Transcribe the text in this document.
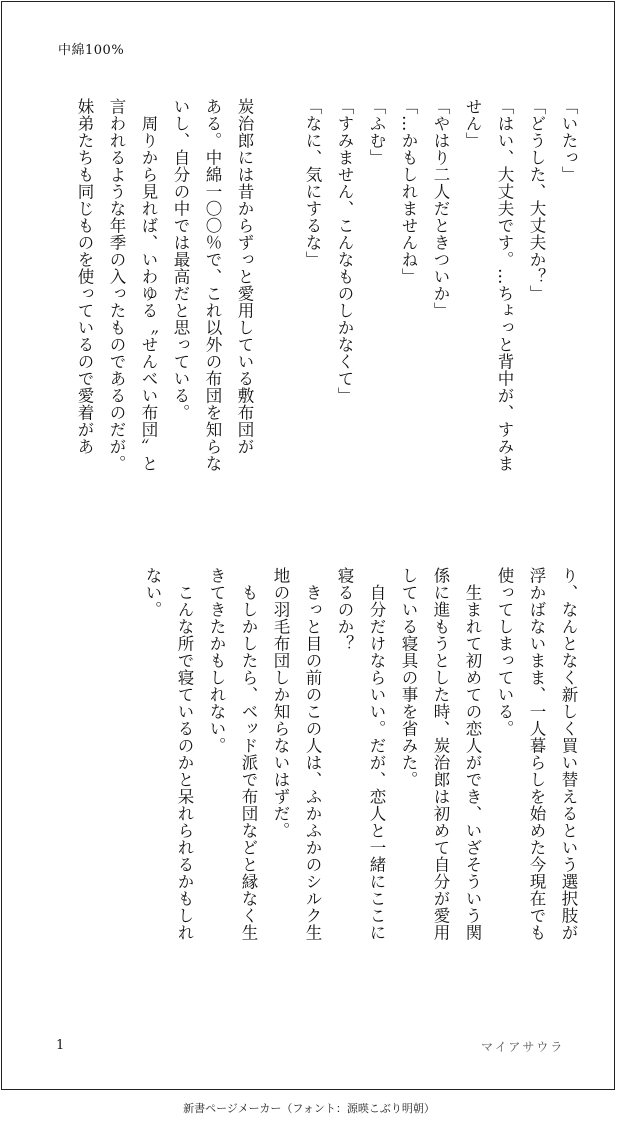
中綿100%
「いたっ」
「どうした、大丈夫か？」
「はい、大丈夫です。…ちょっと背中が、すみま
せん」
「やはり二人だときついか」
「…かもしれませんね」
「ふむ」
「すみません、こんなものしかなくて」
「なに、気にするな」
炭治郎には昔からずっと愛用している敷布団が
ある。中綿一〇〇％で、これ以外の布団を知らな
いし、自分の中では最高だと思っている。
　周りから見れば、いわゆる〝せんべい布団〟と
言われるような年季の入ったものであるのだが。
妹弟たちも同じものを使っているので愛着があ
り、なんとなく新しく買い替えるという選択肢が
浮かばないまま、一人暮らしを始めた今現在でも
使ってしまっている。
　生まれて初めての恋人ができ、いざそういう関
係に進もうとした時、炭治郎は初めて自分が愛用
している寝具の事を省みた。
　自分だけならいい。だが、恋人と一緒にここに
寝るのか？
　きっと目の前のこの人は、ふかふかのシルク生
地の羽毛布団しか知らないはずだ。
　もしかしたら、ベッド派で布団などと縁なく生
きてきたかもしれない。
　こんな所で寝ているのかと呆れられるかもしれ
ない。
1	マイアサウラ
新書ページメーカー（フォント：源暎こぶり明朝）
